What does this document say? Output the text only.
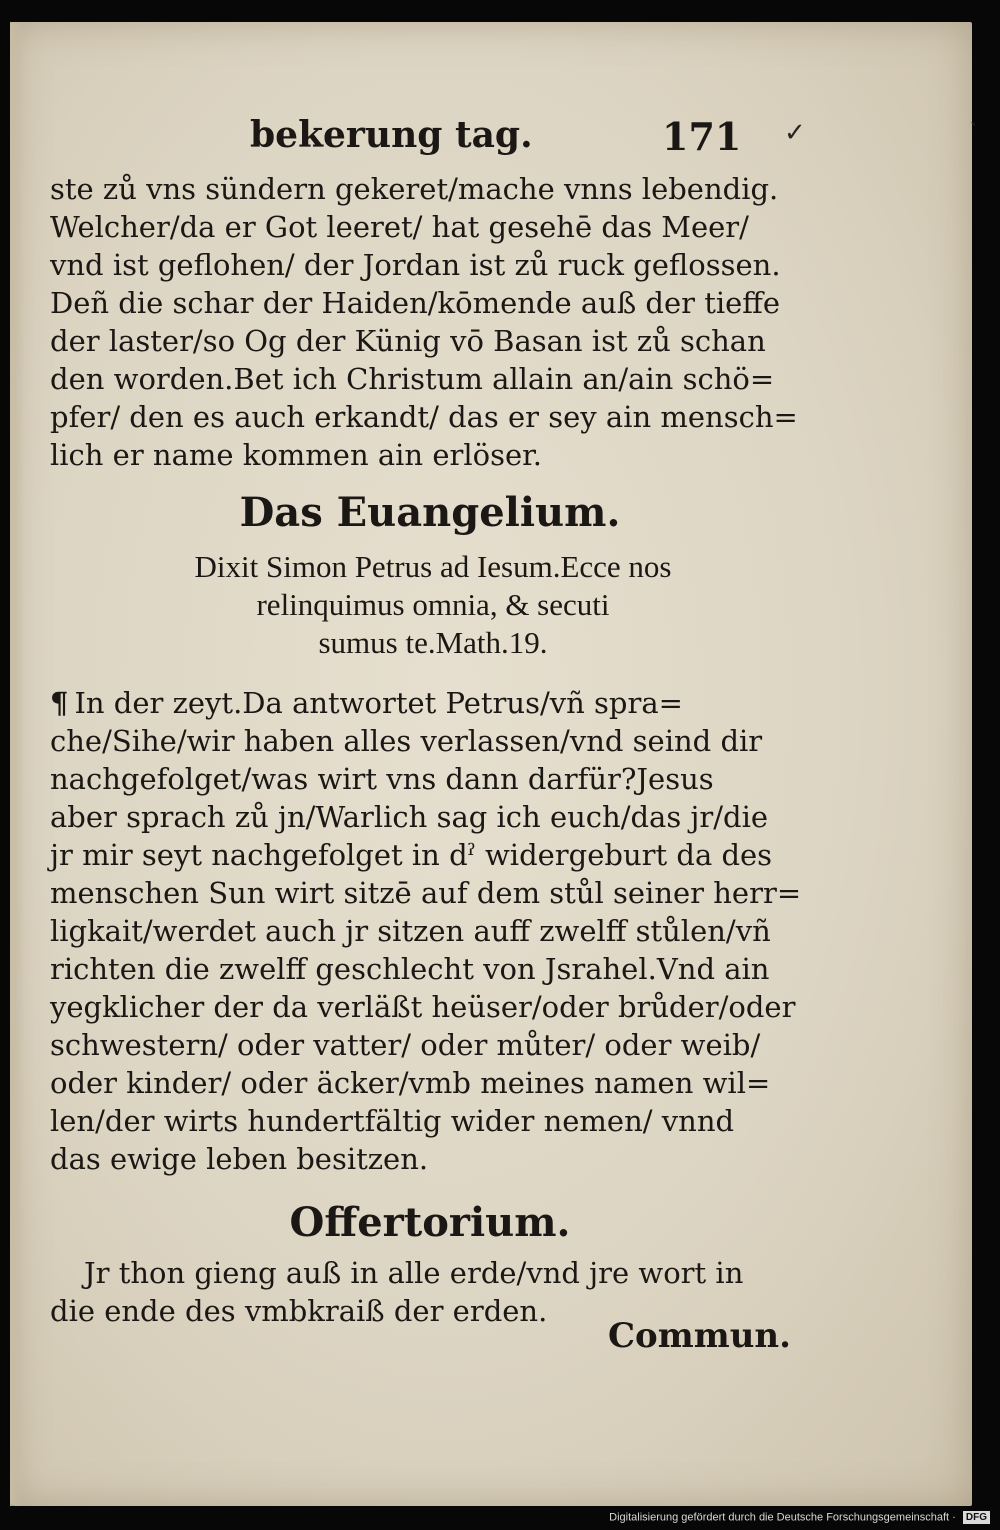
bekerung tag.	171

ste zů vns sündern gekeret/mache vnns lebendig.
Welcher/da er Got leeret/ hat gesehē das Meer/
vnd ist geflohen/ der Jordan ist zů ruck geflossen.
Deñ die schar der Haiden/kōmende auß der tieffe
der laster/so Og der Künig vō Basan ist zů schan
den worden.Bet ich Christum allain an/ain schö=
pfer/ den es auch erkandt/ das er sey ain mensch=
lich er name kommen ain erlöser.

Das Euangelium.
Dixit Simon Petrus ad Iesum.Ecce nos
relinquimus omnia, & secuti
sumus te.Math.19.

¶ In der zeyt.Da antwortet Petrus/vñ spra=
che/Sihe/wir haben alles verlassen/vnd seind dir
nachgefolget/was wirt vns dann darfür?Jesus
aber sprach zů jn/Warlich sag ich euch/das jr/die
jr mir seyt nachgefolget in dˀ widergeburt da des
menschen Sun wirt sitzē auf dem stůl seiner herr=
ligkait/werdet auch jr sitzen auff zwelff stůlen/vñ
richten die zwelff geschlecht von Jsrahel.Vnd ain
yegklicher der da verläßt heüser/oder brůder/oder
schwestern/ oder vatter/ oder můter/ oder weib/
oder kinder/ oder äcker/vmb meines namen wil=
len/der wirts hundertfältig wider nemen/ vnnd
das ewige leben besitzen.

Offertorium.

Jr thon gieng auß in alle erde/vnd jre wort in
die ende des vmbkraiß der erden.

Commun.
✓
ˎ
Digitalisierung gefördert durch die Deutsche Forschungsgemeinschaft · DFG
